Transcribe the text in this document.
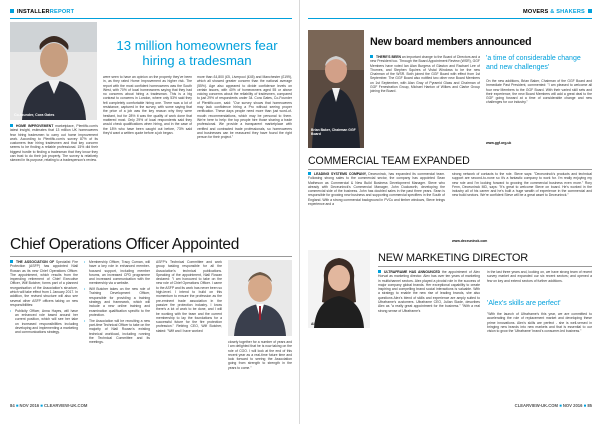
INSTALLERREPORT
Co-founder, Cora Gates
13 million homeowners fear hiring a tradesman

HOME IMPROVEMENT marketplace, Plentific.com's latest insight, estimates that 13 million UK homeowners fear hiring tradesmen to carry out home improvement work. According to Plentific.com's survey 87% of its customers fear hiring tradesmen and that key concern seems to be finding a reliable professional. 15% did their biggest hurdle to finding a tradesman that they know they can trust to do their job properly. The survey is relatively skewed in its purpose, relating to a tradesperson's review.

were seen to have an opinion on the property they've been in, as they rated Home Improvement as higher risk. The report with the most confident homeowners was the South West, with 70% of local homeowners saying that they had no concerns about hiring a tradesman. This is a big contrast to concerns in London, where only 53% said they felt completely comfortable hiring one. There was a lot of resistance, captured in the survey, with some saying that the price of a job was the key reason why they were hesitant, but for 28% it was the quality of work done that mattered most. Only 29% of local respondents said they would check qualifications when hiring, and in the case of the 18% who have been caught out before, 73% said they'd want a written quote before a job began.

more than £4,800 (£5, Liverpool (£45) and Manchester (£199), which all showed greater concern than the national average (55%). Age also appeared to divide confidence levels on certain issues, with 40% of homeowners aged 55 or above voicing concerns about the reliability of tradesmen, compared to just 29% of respondents under 34. Cora Gates, Co-Founder of Plentific.com, said: "Our survey shows that homeowners may lack confidence hiring a Pro without seeing proper verification. These days people need more than just word-of-mouth recommendations, which may be personal to them. We're here to help: the top people hire those sharing a trade professional. We provide a transparent marketplace with verified and contracted trade professionals, so homeowners and businesses can be reassured they have found the right person for their project."

Chief Operations Officer Appointed

THE ASSOCIATION OF Specialist Fire Protection (ASFP) has appointed Niall Rowan as its new Chief Operations Officer. The appointment, which results from the impending retirement of Chief Executive Officer, Wilf Butcher, forms part of a planned reorganisation of the Association's structure, which will take effect from 1 January 2017. In addition, the revised structure will also see several other ASFP officers taking on new responsibilities:

• Publicity Officer, Anna Hayes, will have an enhanced role based around her current position, which will see her take on increased responsibilities including developing and implementing a marketing and communications strategy.
• Membership Officer, Tracy Curnan, will have a key role in enhanced member-focused support, including member forums, an increased CPD programme and increased communication with the membership via a website.
• Wilf Butcher takes on the new role of Training Development Officer, responsible for providing a training strategy and framework, which will include a new online training and examination qualification specific to fire protection.
• The Association will be recruiting a new part-time Technical Officer to take on the majority of Niall Rowan's existing technical workload, including running the Technical Committee and its meetings.

ASFP's Technical Committee and work group tasking responsible for all the Association's technical publications. Speaking of the appointment, Niall Rowan declared: "I am honoured to take on the new role of Chief Operations Officer. I came to the ASFP and its work has never been so high-level. I intend to build on this momentum to ensure the profession as the pre-eminent trade association in the passive fire protection industry. I know there's a lot of work to be done, and I will be working with the team and the current membership to lay the foundations for a successful future for the fire protection profession." Retiring CEO, Wilf Butcher, stated: "Wilf and I have worked

closely together for a number of years and I am delighted that he is now taking on the role of COO. I will look at the end of this recent year as a real-time future time and look forward to seeing the Association going from strength to strength in the years to come."

84 ■ NOV 2016 ■ CLEARVIEW-UK.COM
MOVERS & SHAKERS
Brian Baker, Chairman GGF Board
New board members announced

THERE'S BEEN an important change to the Board of Directors and a new President too. Through the Board Appointment Review (WSR), GGF Members have voted Ian Alan Burgess of Glaston and Rachael Lee of Thornes, and Stephen Squires of Vistal Windows to be the new Chairman of the WSR. Both joined the GGF Board with effect from 1st September. The GGF Board also notified two other new Board Members on 1st September, with Alan Gray of Pyramid Glass and Chairman of GGF Fenestration Group, Michael Hanton of Wilkes and Clarke Group joining the Board.

'a time of considerable change and new challenges'

On the new additions, Brian Baker, Chairman of the GGF Board and Immediate Past President, commented: "I am pleased to welcome all four new Members to the GGF Board. With their varied skill sets and their experience, the new Board Members will add a great deal to the GGF going forward at a time of considerable change and new challenges for our industry."

www.ggf.org.uk
COMMERCIAL TEAM EXPANDED

LEADING SYSTEMS COMPANY, Deceuninck, has expanded its commercial team. Following strong sales to the commercial sector, the company has appointed Sean Matheson as Commercial & New Build Business Development Manager. Steve who already with Deceuninck's Commercial Manager, John Duckworth, developing the commercial side of the business. John has doubled sales in the past three years. Sean is responsible for growing new business and supporting commercial specifiers in the South of England. With a strong commercial background in PVCu and timber windows, Steve brings experience and a

strong network of contacts to the role. Steve says: "Deceuninck's products and technical support are second-to-none so it's a fantastic company to work for. I'm really enjoying my new role and I'm looking forward to growing the commercial business even more." Rory Fenn, Deceuninck MD, says: "It's great to welcome Steve on board. He's worked in the industry all of his career and he's built a huge wealth of experience in the commercial and new build sectors. We're confident Steve will be a great asset to Deceuninck."

www.deceuninck.com
Alex Horvatic Manager
NEW MARKETING DIRECTOR

ULTRAFRAME HAS ANNOUNCED the appointment of Alex Horvat as marketing director. Alex has over ten years of marketing in multichannel sectors. Alex played a pivotal role in the success of major company global brands. Her exceptional capability to create inspiring and compelling brand social interactions is valuable. With a strategy to enable the new rise of leading brands, she also questions Alex's blend of skills and experience are amply suited to Ultraframe's customers. Ultraframe CEO, Julian Slade, describes Alex as "a really great appointment for the business." "With a real strong sense of Ultraframe's

in the last three years and, looking on, we have strong team of recent survey market and expanded our six recent sectors; and opened a few on key and extend sectors of further additions.

'Alex's skills are perfect'

"With the launch of Ultraframe's this year, we are committed to accelerating the role of replacement market and developing these prime innovations. Alex's skills are perfect - she is well-versed in bringing new brands into new markets and that is essential to our vision to grow the 'Ultraframe' brand's consumer-led business."

CLEARVIEW-UK.COM ■ NOV 2016 ■ 85
